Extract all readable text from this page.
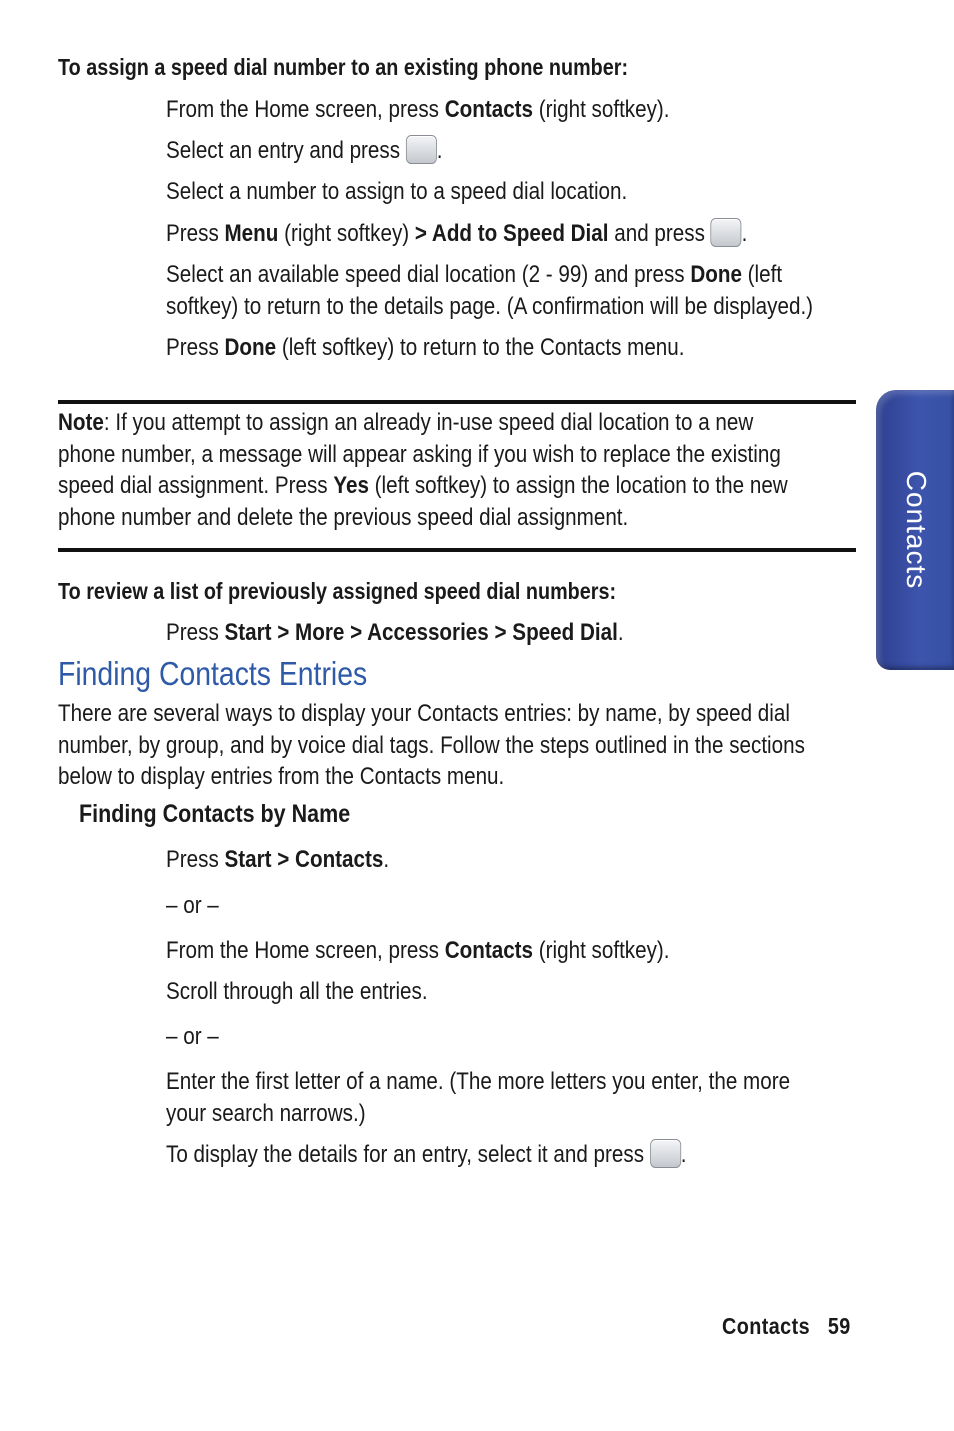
To assign a speed dial number to an existing phone number:
From the Home screen, press Contacts (right softkey).
Select an entry and press .
Select a number to assign to a speed dial location.
Press Menu (right softkey) > Add to Speed Dial and press .
Select an available speed dial location (2 - 99) and press Done (left
softkey) to return to the details page. (A confirmation will be displayed.)
Press Done (left softkey) to return to the Contacts menu.
Note: If you attempt to assign an already in-use speed dial location to a new
phone number, a message will appear asking if you wish to replace the existing
speed dial assignment. Press Yes (left softkey) to assign the location to the new
phone number and delete the previous speed dial assignment.
To review a list of previously assigned speed dial numbers:
Press Start > More > Accessories > Speed Dial.
Finding Contacts Entries
There are several ways to display your Contacts entries: by name, by speed dial
number, by group, and by voice dial tags. Follow the steps outlined in the sections
below to display entries from the Contacts menu.
Finding Contacts by Name
Press Start > Contacts.
– or –
From the Home screen, press Contacts (right softkey).
Scroll through all the entries.
– or –
Enter the first letter of a name. (The more letters you enter, the more
your search narrows.)
To display the details for an entry, select it and press .
Contacts
Contacts 59
